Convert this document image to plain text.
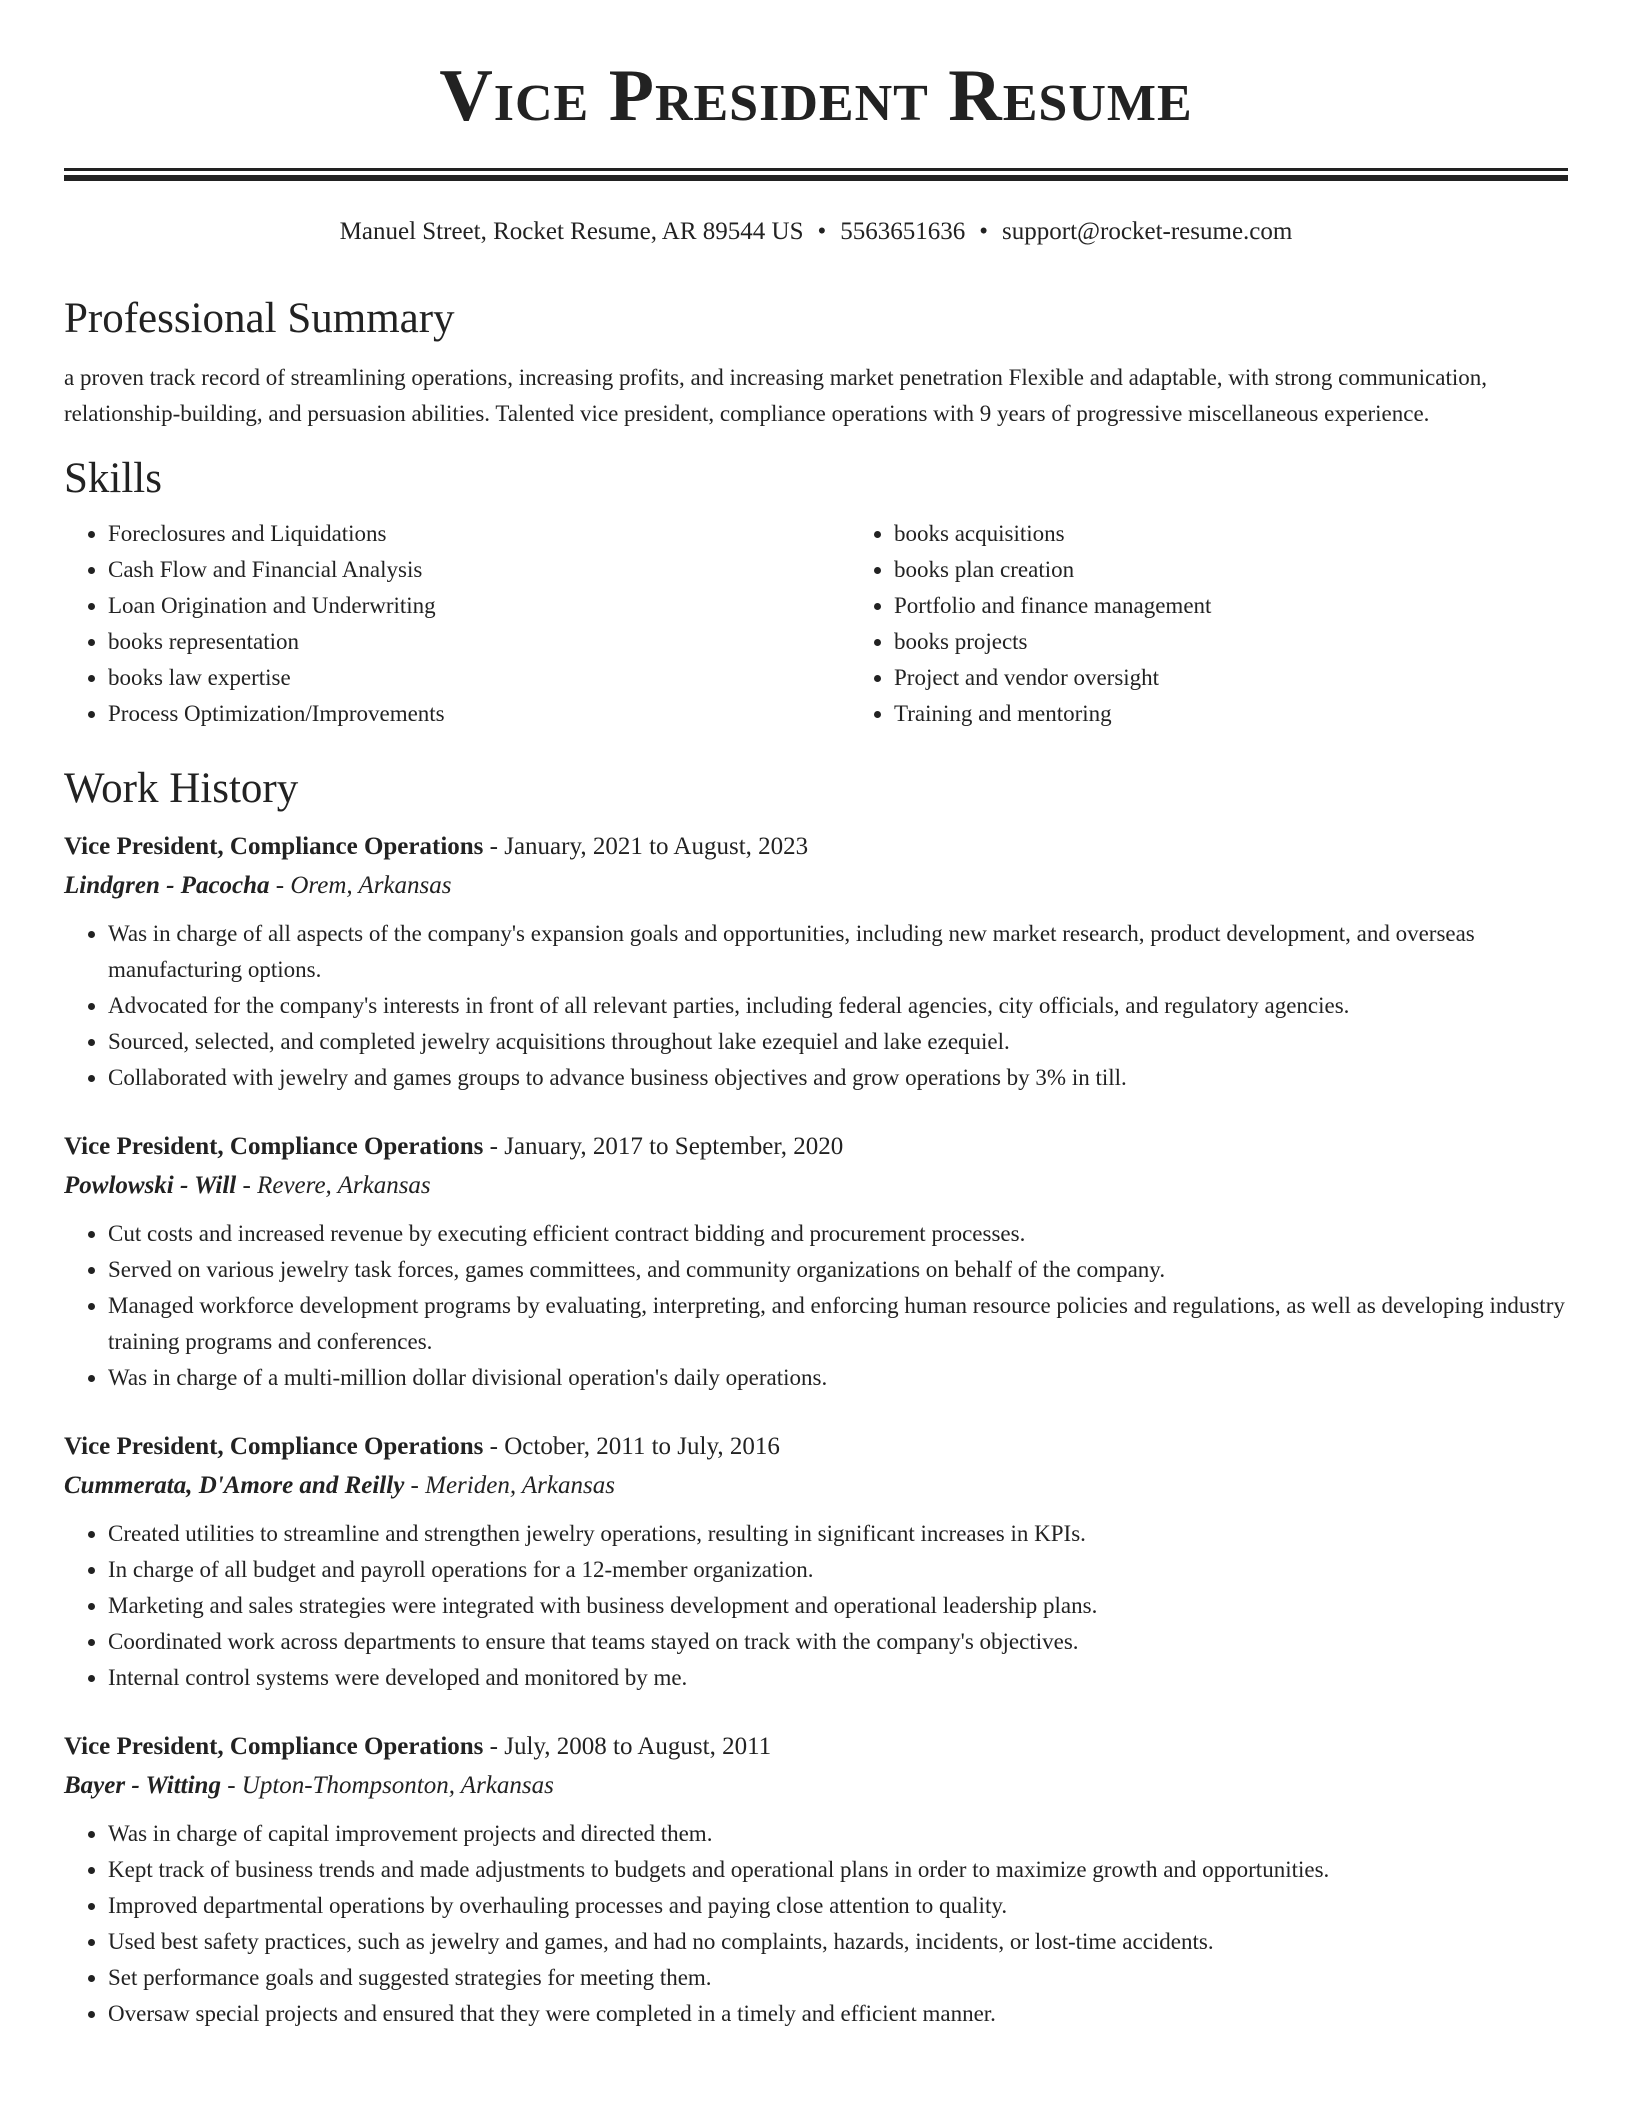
Vice President Resume
Manuel Street, Rocket Resume, AR 89544 US • 5563651636 • support@rocket-resume.com
Professional Summary

a proven track record of streamlining operations, increasing profits, and increasing market penetration Flexible and adaptable, with strong communication, relationship-building, and persuasion abilities. Talented vice president, compliance operations with 9 years of progressive miscellaneous experience.

Skills
• Foreclosures and Liquidations
• Cash Flow and Financial Analysis
• Loan Origination and Underwriting
• books representation
• books law expertise
• Process Optimization/Improvements
• books acquisitions
• books plan creation
• Portfolio and finance management
• books projects
• Project and vendor oversight
• Training and mentoring
Work History

Vice President, Compliance Operations - January, 2021 to August, 2023

Lindgren - Pacocha - Orem, Arkansas

• Was in charge of all aspects of the company's expansion goals and opportunities, including new market research, product development, and overseas manufacturing options.
• Advocated for the company's interests in front of all relevant parties, including federal agencies, city officials, and regulatory agencies.
• Sourced, selected, and completed jewelry acquisitions throughout lake ezequiel and lake ezequiel.
• Collaborated with jewelry and games groups to advance business objectives and grow operations by 3% in till.

Vice President, Compliance Operations - January, 2017 to September, 2020

Powlowski - Will - Revere, Arkansas

• Cut costs and increased revenue by executing efficient contract bidding and procurement processes.
• Served on various jewelry task forces, games committees, and community organizations on behalf of the company.
• Managed workforce development programs by evaluating, interpreting, and enforcing human resource policies and regulations, as well as developing industry training programs and conferences.
• Was in charge of a multi-million dollar divisional operation's daily operations.

Vice President, Compliance Operations - October, 2011 to July, 2016

Cummerata, D'Amore and Reilly - Meriden, Arkansas

• Created utilities to streamline and strengthen jewelry operations, resulting in significant increases in KPIs.
• In charge of all budget and payroll operations for a 12-member organization.
• Marketing and sales strategies were integrated with business development and operational leadership plans.
• Coordinated work across departments to ensure that teams stayed on track with the company's objectives.
• Internal control systems were developed and monitored by me.

Vice President, Compliance Operations - July, 2008 to August, 2011

Bayer - Witting - Upton-Thompsonton, Arkansas

• Was in charge of capital improvement projects and directed them.
• Kept track of business trends and made adjustments to budgets and operational plans in order to maximize growth and opportunities.
• Improved departmental operations by overhauling processes and paying close attention to quality.
• Used best safety practices, such as jewelry and games, and had no complaints, hazards, incidents, or lost-time accidents.
• Set performance goals and suggested strategies for meeting them.
• Oversaw special projects and ensured that they were completed in a timely and efficient manner.
